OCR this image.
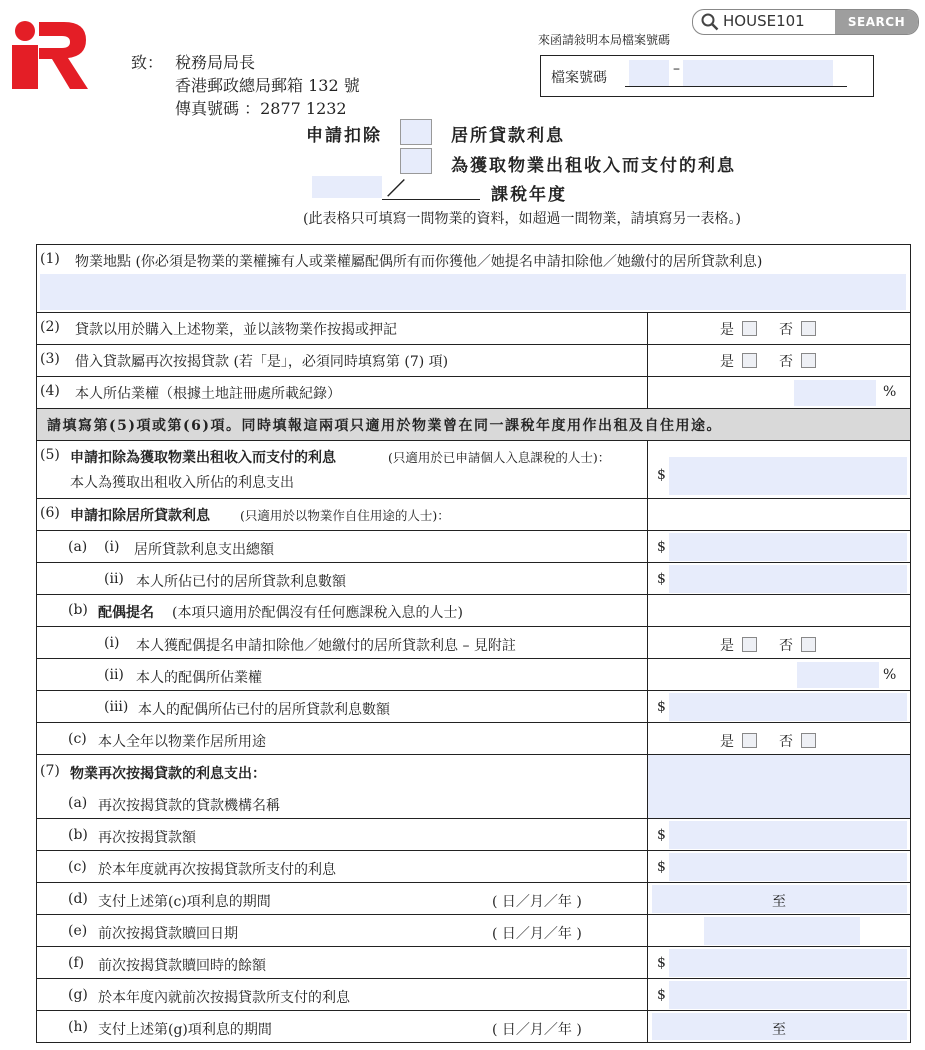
HOUSE101	SEARCH
致： 稅務局局長
香港郵政總局郵箱 132 號
傳真號碼 ：2877 1232
來函請敍明本局檔案號碼
檔案號碼
–
申請扣除	居所貸款利息
為獲取物業出租收入而支付的利息
／	課稅年度
(此表格只可填寫一間物業的資料，如超過一間物業，請填寫另一表格。)
(1) 物業地點 (你必須是物業的業權擁有人或業權屬配偶所有而你獲他／她提名申請扣除他／她繳付的居所貸款利息)
(2) 貸款以用於購入上述物業，並以該物業作按揭或押記	是	否
(3) 借入貸款屬再次按揭貸款 (若「是」，必須同時填寫第 (7) 項)	是	否
(4) 本人所佔業權（根據土地註冊處所載紀錄）	%
請填寫第(5)項或第(6)項。同時填報這兩項只適用於物業曾在同一課稅年度用作出租及自住用途。
(5) 申請扣除為獲取物業出租收入而支付的利息	(只適用於已申請個人入息課稅的人士)：
本人為獲取出租收入所佔的利息支出	$
(6) 申請扣除居所貸款利息 (只適用於以物業作自住用途的人士)：
(a) (i) 居所貸款利息支出總額	$
(ii) 本人所佔已付的居所貸款利息數額	$
(b) 配偶提名 (本項只適用於配偶沒有任何應課稅入息的人士)
(i) 本人獲配偶提名申請扣除他／她繳付的居所貸款利息 – 見附註	是	否
(ii) 本人的配偶所佔業權	%
(iii) 本人的配偶所佔已付的居所貸款利息數額	$
(c) 本人全年以物業作居所用途	是	否
(7) 物業再次按揭貸款的利息支出：
(a) 再次按揭貸款的貸款機構名稱
(b) 再次按揭貸款額	$
(c) 於本年度就再次按揭貸款所支付的利息	$
(d) 支付上述第(c)項利息的期間	( 日／月／年 )	至
(e) 前次按揭貸款贖回日期	( 日／月／年 )
(f) 前次按揭貸款贖回時的餘額	$
(g) 於本年度內就前次按揭貸款所支付的利息	$
(h) 支付上述第(g)項利息的期間	( 日／月／年 )	至
